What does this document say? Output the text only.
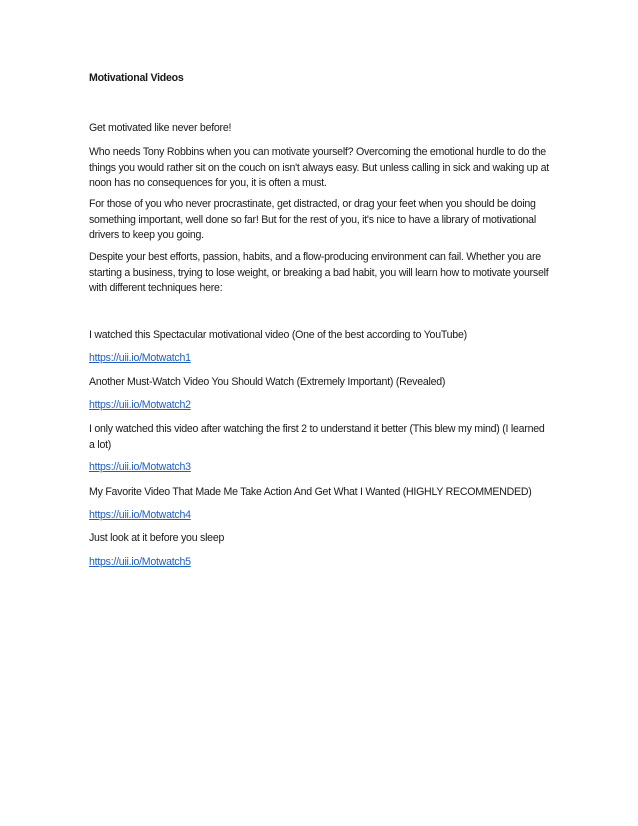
Motivational Videos

Get motivated like never before!

Who needs Tony Robbins when you can motivate yourself? Overcoming the emotional hurdle to do the things you would rather sit on the couch on isn't always easy. But unless calling in sick and waking up at noon has no consequences for you, it is often a must.

For those of you who never procrastinate, get distracted, or drag your feet when you should be doing something important, well done so far! But for the rest of you, it's nice to have a library of motivational drivers to keep you going.

Despite your best efforts, passion, habits, and a flow-producing environment can fail. Whether you are starting a business, trying to lose weight, or breaking a bad habit, you will learn how to motivate yourself with different techniques here:

I watched this Spectacular motivational video (One of the best according to YouTube)

https://uii.io/Motwatch1

Another Must-Watch Video You Should Watch (Extremely Important) (Revealed)

https://uii.io/Motwatch2

I only watched this video after watching the first 2 to understand it better (This blew my mind) (I learned a lot)

https://uii.io/Motwatch3

My Favorite Video That Made Me Take Action And Get What I Wanted (HIGHLY RECOMMENDED)

https://uii.io/Motwatch4

Just look at it before you sleep

https://uii.io/Motwatch5
